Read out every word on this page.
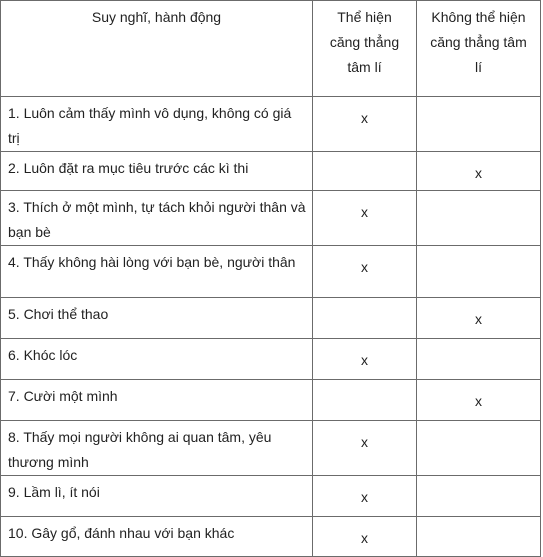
Suy nghĩ, hành động	Thể hiện căng thẳng tâm lí	Không thể hiện căng thẳng tâm lí

1. Luôn cảm thấy mình vô dụng, không có giá trị	x	

2. Luôn đặt ra mục tiêu trước các kì thi		x

3. Thích ở một mình, tự tách khỏi người thân và bạn bè	x	

4. Thấy không hài lòng với bạn bè, người thân	x	

5. Chơi thể thao		x

6. Khóc lóc	x	

7. Cười một mình		x

8. Thấy mọi người không ai quan tâm, yêu thương mình	x	

9. Lầm lì, ít nói	x	

10. Gây gổ, đánh nhau với bạn khác	x	
